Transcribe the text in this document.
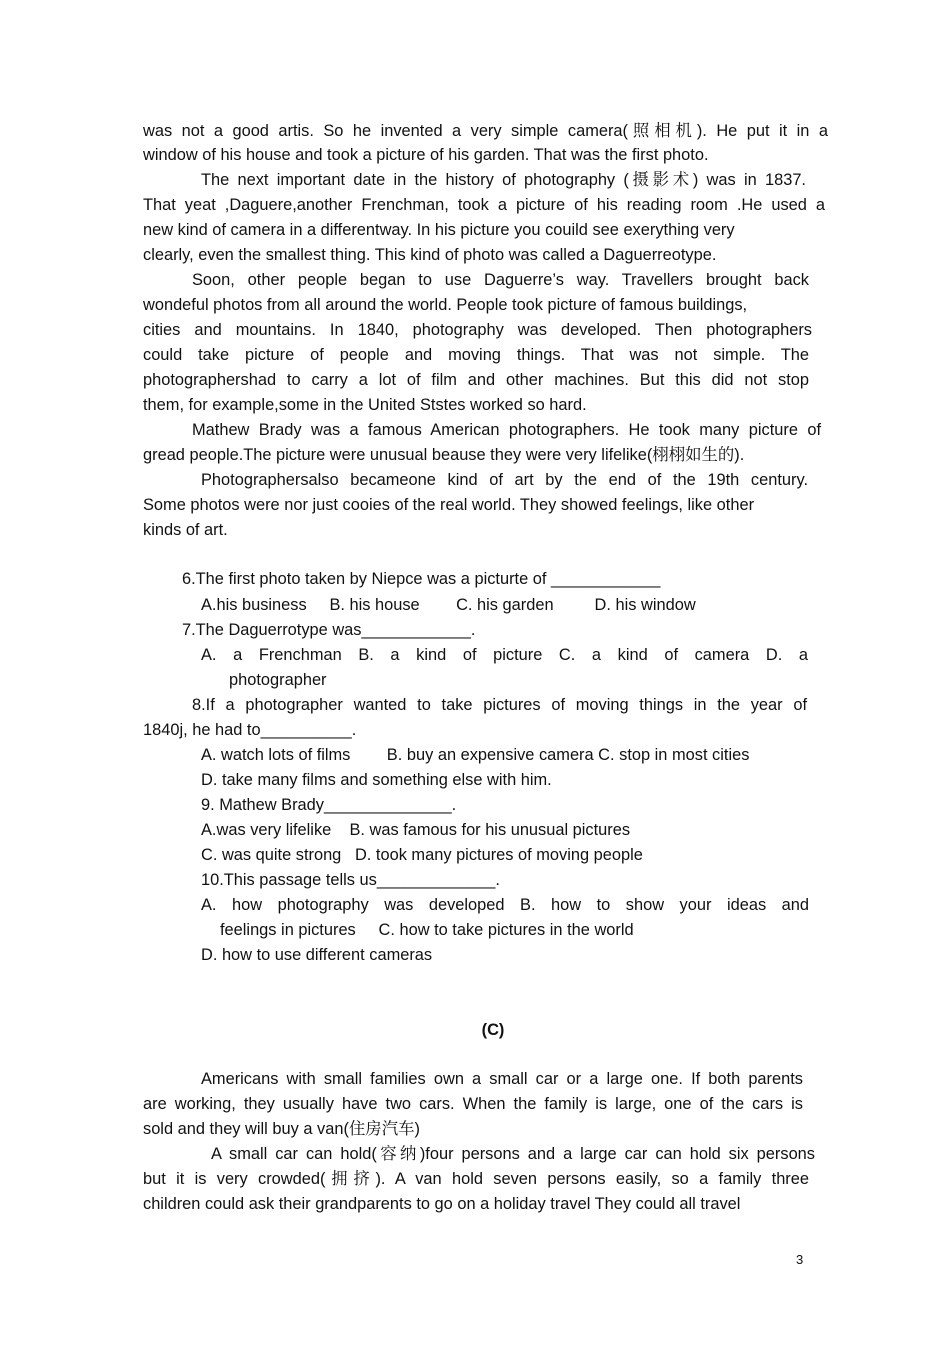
was not a good artis. So he invented a very simple camera(照相机). He put it in a
window of his house and took a picture of his garden. That was the first photo.
The next important date in the history of photography (摄影术) was in 1837.
That yeat ,Daguere,another Frenchman, took a picture of his reading room .He used a
new kind of camera in a differentway. In his picture you couild see exerything very
clearly, even the smallest thing. This kind of photo was called a Daguerreotype.
Soon, other people began to use Daguerre’s way. Travellers brought back
wondeful photos from all around the world. People took picture of famous buildings,
cities and mountains. In 1840, photography was developed. Then photographers
could take picture of people and moving things. That was not simple. The
photographershad to carry a lot of film and other machines. But this did not stop
them, for example,some in the United Ststes worked so hard.
Mathew Brady was a famous American photographers. He took many picture of
gread people.The picture were unusual beause they were very lifelike(栩栩如生的).
Photographersalso becameone kind of art by the end of the 19th century.
Some photos were nor just cooies of the real world. They showed feelings, like other
kinds of art.
6.The first photo taken by Niepce was a picturte of ____________
A.his business     B. his house        C. his garden         D. his window
7.The Daguerrotype was____________.
A. a Frenchman B. a kind of picture C. a kind of camera D. a
photographer
8.If a photographer wanted to take pictures of moving things in the year of
1840j, he had to__________.
A. watch lots of films        B. buy an expensive camera C. stop in most cities
D. take many films and something else with him.
9. Mathew Brady______________.
A.was very lifelike    B. was famous for his unusual pictures
C. was quite strong   D. took many pictures of moving people
10.This passage tells us_____________.
A. how photography was developed B. how to show your ideas and
feelings in pictures     C. how to take pictures in the world
D. how to use different cameras
(C)
Americans with small families own a small car or a large one. If both parents
are working, they usually have two cars. When the family is large, one of the cars is
sold and they will buy a van(住房汽车)
A small car can hold(容纳)four persons and a large car can hold six persons
but it is very crowded(拥挤). A van hold seven persons easily, so a family three
children could ask their grandparents to go on a holiday travel They could all travel
3
